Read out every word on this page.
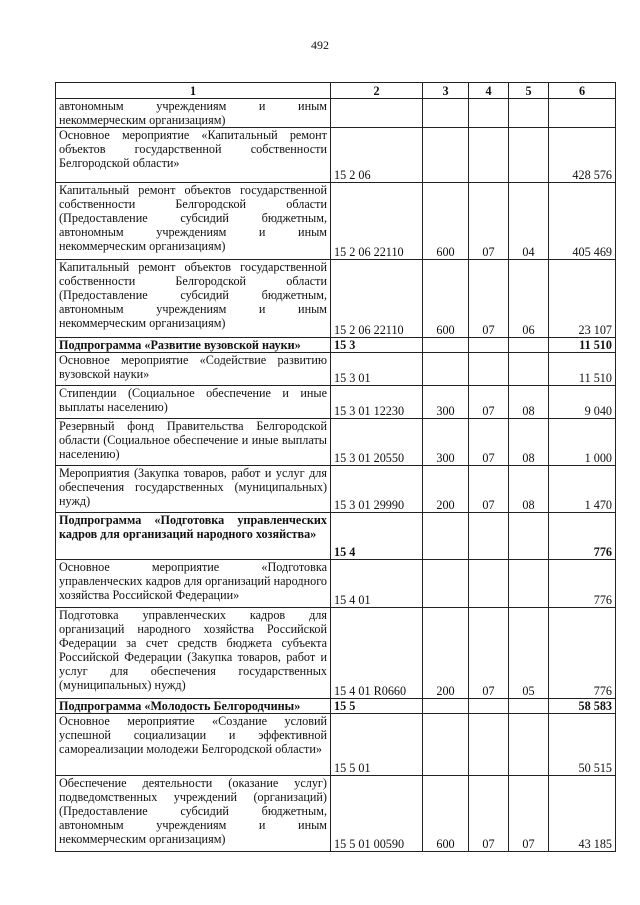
492
1	2	3	4	5	6
автономным учреждениям и иным некоммерческим организациям)					
Основное мероприятие «Капитальный ремонт объектов государственной собственности Белгородской области»	15 2 06				428 576
Капитальный ремонт объектов государственной собственности Белгородской области (Предоставление субсидий бюджетным, автономным учреждениям и иным некоммерческим организациям)	15 2 06 22110	600	07	04	405 469
Капитальный ремонт объектов государственной собственности Белгородской области (Предоставление субсидий бюджетным, автономным учреждениям и иным некоммерческим организациям)	15 2 06 22110	600	07	06	23 107
Подпрограмма «Развитие вузовской науки»	15 3				11 510
Основное мероприятие «Содействие развитию вузовской науки»	15 3 01				11 510
Стипендии (Социальное обеспечение и иные выплаты населению)	15 3 01 12230	300	07	08	9 040
Резервный фонд Правительства Белгородской области (Социальное обеспечение и иные выплаты населению)	15 3 01 20550	300	07	08	1 000
Мероприятия (Закупка товаров, работ и услуг для обеспечения государственных (муниципальных) нужд)	15 3 01 29990	200	07	08	1 470
Подпрограмма «Подготовка управленческих кадров для организаций народного хозяйства»	15 4				776
Основное мероприятие «Подготовка управленческих кадров для организаций народного хозяйства Российской Федерации»	15 4 01				776
Подготовка управленческих кадров для организаций народного хозяйства Российской Федерации за счет средств бюджета субъекта Российской Федерации (Закупка товаров, работ и услуг для обеспечения государственных (муниципальных) нужд)	15 4 01 R0660	200	07	05	776
Подпрограмма «Молодость Белгородчины»	15 5				58 583
Основное мероприятие «Создание условий успешной социализации и эффективной самореализации молодежи Белгородской области»	15 5 01				50 515
Обеспечение деятельности (оказание услуг) подведомственных учреждений (организаций) (Предоставление субсидий бюджетным, автономным учреждениям и иным некоммерческим организациям)	15 5 01 00590	600	07	07	43 185
